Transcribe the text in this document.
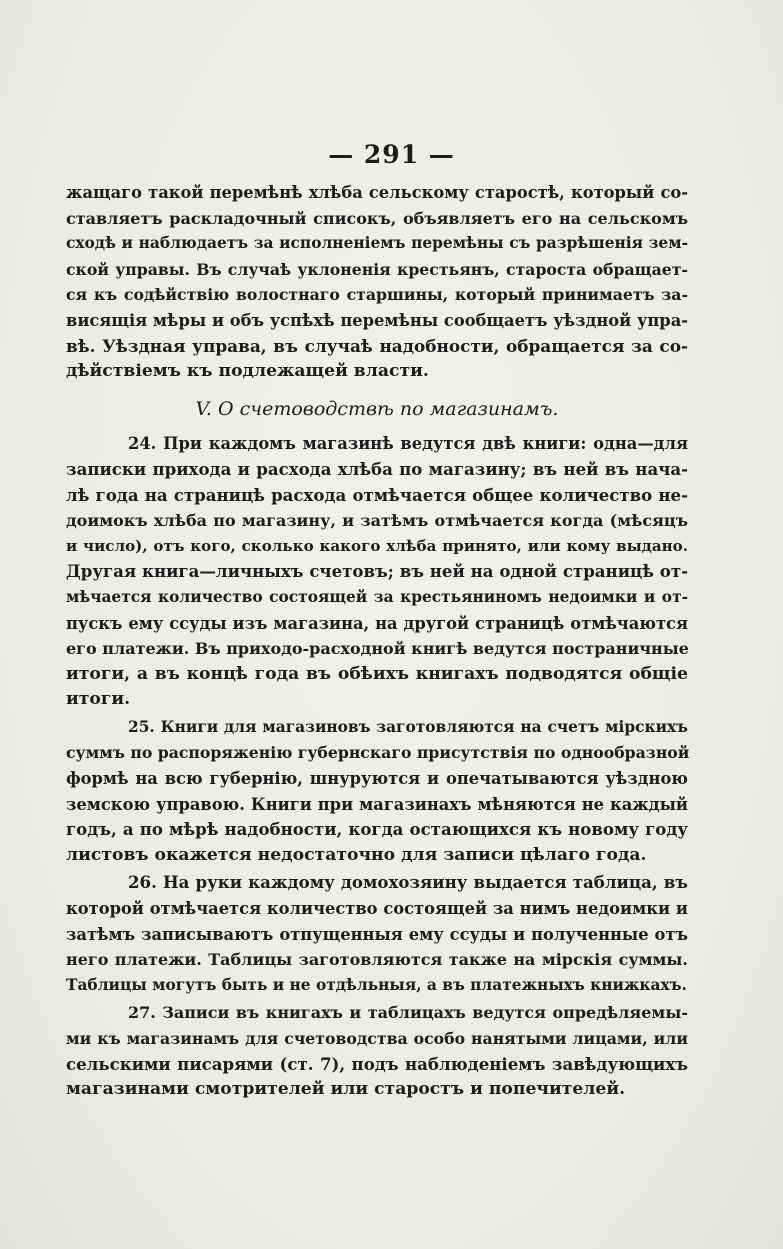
— 291 —
жащаго такой перемѣнѣ хлѣба сельскому старостѣ, который со-
ставляетъ раскладочный списокъ, объявляетъ его на сельскомъ
сходѣ и наблюдаетъ за исполненіемъ перемѣны съ разрѣшенія зем-
ской управы. Въ случаѣ уклоненія крестьянъ, староста обращает-
ся къ содѣйствію волостнаго старшины, который принимаетъ за-
висящія мѣры и объ успѣхѣ перемѣны сообщаетъ уѣздной упра-
вѣ. Уѣздная управа, въ случаѣ надобности, обращается за со-
дѣйствіемъ къ подлежащей власти.
V. О счетоводствѣ по магазинамъ.
24. При каждомъ магазинѣ ведутся двѣ книги: одна—для
записки прихода и расхода хлѣба по магазину; въ ней въ нача-
лѣ года на страницѣ расхода отмѣчается общее количество не-
доимокъ хлѣба по магазину, и затѣмъ отмѣчается когда (мѣсяцъ
и число), отъ кого, сколько какого хлѣба принято, или кому выдано.
Другая книга—личныхъ счетовъ; въ ней на одной страницѣ от-
мѣчается количество состоящей за крестьяниномъ недоимки и от-
пускъ ему ссуды изъ магазина, на другой страницѣ отмѣчаются
его платежи. Въ приходо-расходной книгѣ ведутся постраничные
итоги, а въ концѣ года въ обѣихъ книгахъ подводятся общіе
итоги.
25. Книги для магазиновъ заготовляются на счетъ мірскихъ
суммъ по распоряженію губернскаго присутствія по однообразной
формѣ на всю губернію, шнуруются и опечатываются уѣздною
земскою управою. Книги при магазинахъ мѣняются не каждый
годъ, а по мѣрѣ надобности, когда остающихся къ новому году
листовъ окажется недостаточно для записи цѣлаго года.
26. На руки каждому домохозяину выдается таблица, въ
которой отмѣчается количество состоящей за нимъ недоимки и
затѣмъ записываютъ отпущенныя ему ссуды и полученные отъ
него платежи. Таблицы заготовляются также на мірскія суммы.
Таблицы могутъ быть и не отдѣльныя, а въ платежныхъ книжкахъ.
27. Записи въ книгахъ и таблицахъ ведутся опредѣляемы-
ми къ магазинамъ для счетоводства особо нанятыми лицами, или
сельскими писарями (ст. 7), подъ наблюденіемъ завѣдующихъ
магазинами смотрителей или старостъ и попечителей.
